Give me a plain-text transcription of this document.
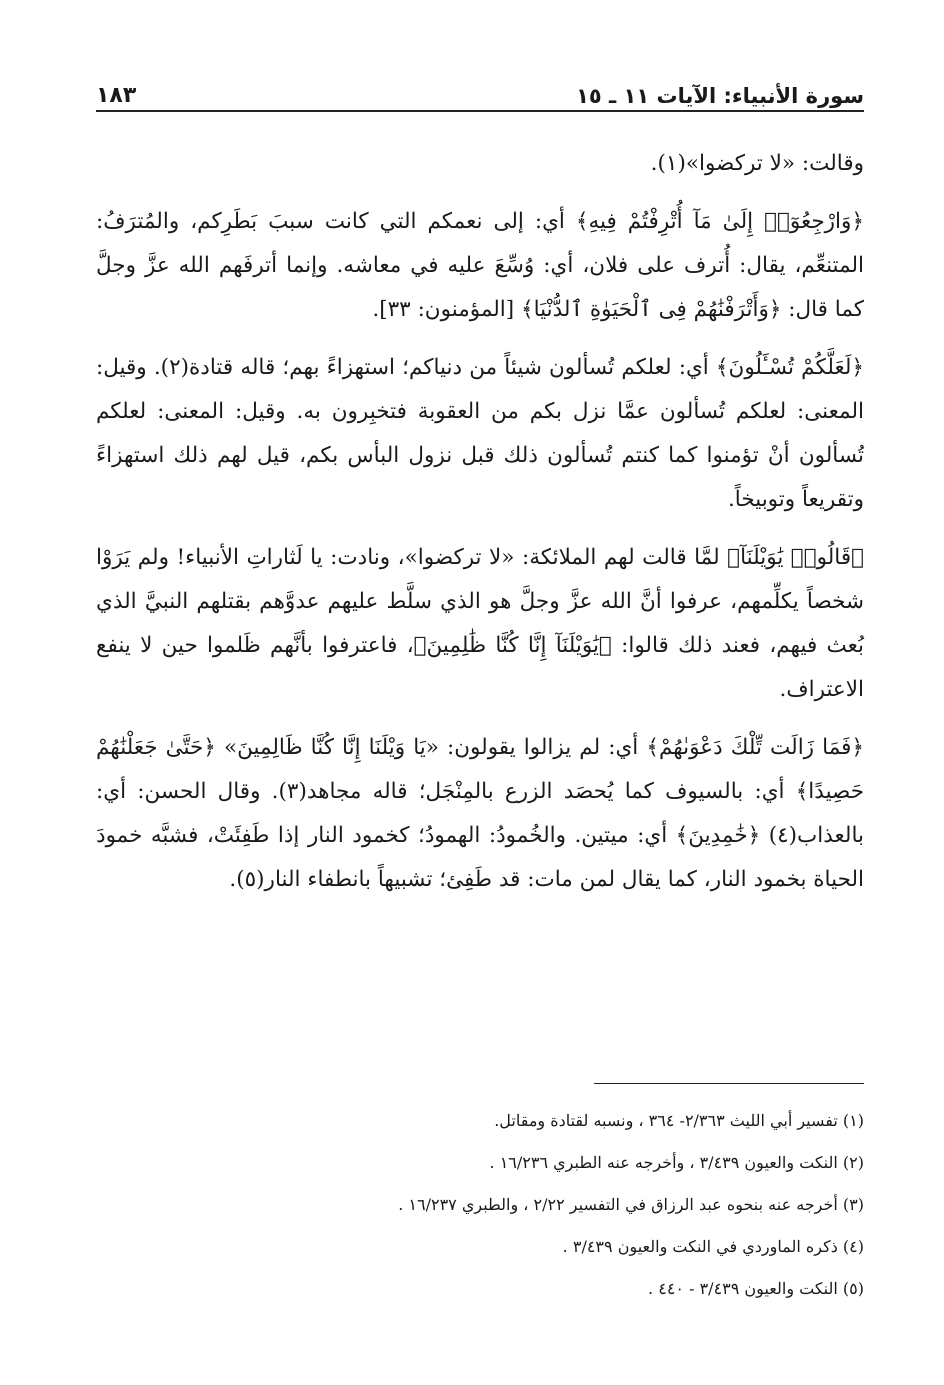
سورة الأنبياء: الآيات ١١ ـ ١٥
١٨٣

وقالت: «لا تركضوا»(١).

﴿وَارْجِعُوٓا۟ إِلَىٰ مَآ أُتْرِفْتُمْ فِيهِ﴾ أي: إلى نعمكم التي كانت سببَ بَطَرِكم، والمُترَفُ: المتنعِّم، يقال: أُترف على فلان، أي: وُسِّعَ عليه في معاشه. وإنما أترفَهم الله عزَّ وجلَّ كما قال: ﴿وَأَتْرَفْنَٰهُمْ فِى ٱلْحَيَوٰةِ ٱلدُّنْيَا﴾ [المؤمنون: ٣٣].

﴿لَعَلَّكُمْ تُسْـَٔلُونَ﴾ أي: لعلكم تُسألون شيئاً من دنياكم؛ استهزاءً بهم؛ قاله قتادة(٢). وقيل: المعنى: لعلكم تُسألون عمَّا نزل بكم من العقوبة فتخبِرون به. وقيل: المعنى: لعلكم تُسألون أنْ تؤمنوا كما كنتم تُسألون ذلك قبل نزول البأس بكم، قيل لهم ذلك استهزاءً وتقريعاً وتوبيخاً.

﴿قَالُوا۟ يَٰوَيْلَنَآ﴾ لمَّا قالت لهم الملائكة: «لا تركضوا»، ونادت: يا لَثاراتِ الأنبياء! ولم يَرَوْا شخصاً يكلِّمهم، عرفوا أنَّ الله عزَّ وجلَّ هو الذي سلَّط عليهم عدوَّهم بقتلهم النبيَّ الذي بُعث فيهم، فعند ذلك قالوا: ﴿يَٰوَيْلَنَآ إِنَّا كُنَّا ظَٰلِمِينَ﴾، فاعترفوا بأنَّهم ظَلموا حين لا ينفع الاعتراف.

﴿فَمَا زَالَت تِّلْكَ دَعْوَىٰهُمْ﴾ أي: لم يزالوا يقولون: «يَا وَيْلَنَا إِنَّا كُنَّا ظَالِمِينَ» ﴿حَتَّىٰ جَعَلْنَٰهُمْ حَصِيدًا﴾ أي: بالسيوف كما يُحصَد الزرع بالمِنْجَل؛ قاله مجاهد(٣). وقال الحسن: أي: بالعذاب(٤) ﴿خَٰمِدِينَ﴾ أي: ميتين. والخُمودُ: الهمودُ؛ كخمود النار إذا طَفِئَتْ، فشبَّه خمودَ الحياة بخمود النار، كما يقال لمن مات: قد طَفِئ؛ تشبيهاً بانطفاء النار(٥).

(١) تفسير أبي الليث ٢/٣٦٣- ٣٦٤ ، ونسبه لقتادة ومقاتل.
(٢) النكت والعيون ٣/٤٣٩ ، وأخرجه عنه الطبري ١٦/٢٣٦ .
(٣) أخرجه عنه بنحوه عبد الرزاق في التفسير ٢/٢٢ ، والطبري ١٦/٢٣٧ .
(٤) ذكره الماوردي في النكت والعيون ٣/٤٣٩ .
(٥) النكت والعيون ٣/٤٣٩ - ٤٤٠ .
